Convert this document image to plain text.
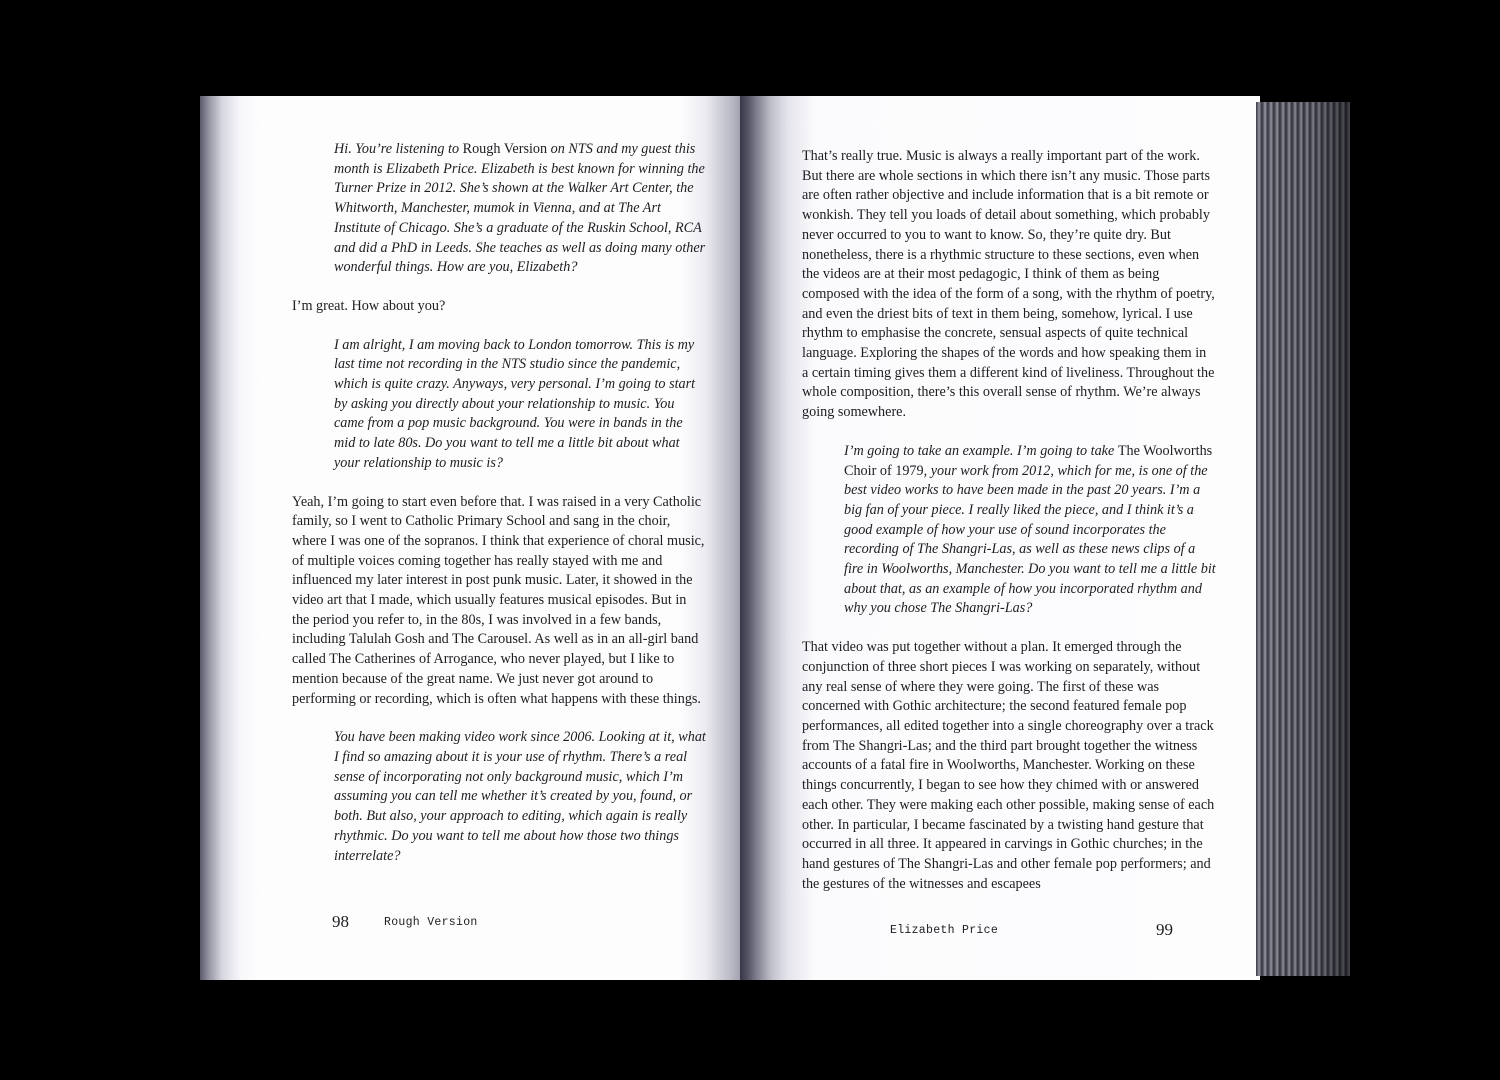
Hi. You’re listening to Rough Version on NTS and my guest this month is Elizabeth Price. Elizabeth is best known for winning the Turner Prize in 2012. She’s shown at the Walker Art Center, the Whitworth, Manchester, mumok in Vienna, and at The Art Institute of Chicago. She’s a graduate of the Ruskin School, RCA and did a PhD in Leeds. She teaches as well as doing many other wonderful things. How are you, Elizabeth?

I’m great. How about you?

I am alright, I am moving back to London tomorrow. This is my last time not recording in the NTS studio since the pandemic, which is quite crazy. Anyways, very personal. I’m going to start by asking you directly about your relationship to music. You came from a pop music background. You were in bands in the mid to late 80s. Do you want to tell me a little bit about what your relationship to music is?

Yeah, I’m going to start even before that. I was raised in a very Catholic family, so I went to Catholic Primary School and sang in the choir, where I was one of the sopranos. I think that experience of choral music, of multiple voices coming together has really stayed with me and influenced my later interest in post punk music. Later, it showed in the video art that I made, which usually features musical episodes. But in the period you refer to, in the 80s, I was involved in a few bands, including Talulah Gosh and The Carousel. As well as in an all-girl band called The Catherines of Arrogance, who never played, but I like to mention because of the great name. We just never got around to performing or recording, which is often what happens with these things.

You have been making video work since 2006. Looking at it, what I find so amazing about it is your use of rhythm. There’s a real sense of incorporating not only background music, which I’m assuming you can tell me whether it’s created by you, found, or both. But also, your approach to editing, which again is really rhythmic. Do you want to tell me about how those two things interrelate?

98	Rough Version

That’s really true. Music is always a really important part of the work. But there are whole sections in which there isn’t any music. Those parts are often rather objective and include information that is a bit remote or wonkish. They tell you loads of detail about something, which probably never occurred to you to want to know. So, they’re quite dry. But nonetheless, there is a rhythmic structure to these sections, even when the videos are at their most pedagogic, I think of them as being composed with the idea of the form of a song, with the rhythm of poetry, and even the driest bits of text in them being, somehow, lyrical. I use rhythm to emphasise the concrete, sensual aspects of quite technical language. Exploring the shapes of the words and how speaking them in a certain timing gives them a different kind of liveliness. Throughout the whole composition, there’s this overall sense of rhythm. We’re always going somewhere.

I’m going to take an example. I’m going to take The Woolworths Choir of 1979, your work from 2012, which for me, is one of the best video works to have been made in the past 20 years. I’m a big fan of your piece. I really liked the piece, and I think it’s a good example of how your use of sound incorporates the recording of The Shangri-Las, as well as these news clips of a fire in Woolworths, Manchester. Do you want to tell me a little bit about that, as an example of how you incorporated rhythm and why you chose The Shangri-Las?

That video was put together without a plan. It emerged through the conjunction of three short pieces I was working on separately, without any real sense of where they were going. The first of these was concerned with Gothic architecture; the second featured female pop performances, all edited together into a single choreography over a track from The Shangri-Las; and the third part brought together the witness accounts of a fatal fire in Woolworths, Manchester. Working on these things concurrently, I began to see how they chimed with or answered each other. They were making each other possible, making sense of each other. In particular, I became fascinated by a twisting hand gesture that occurred in all three. It appeared in carvings in Gothic churches; in the hand gestures of The Shangri-Las and other female pop performers; and the gestures of the witnesses and escapees

Elizabeth Price	99
